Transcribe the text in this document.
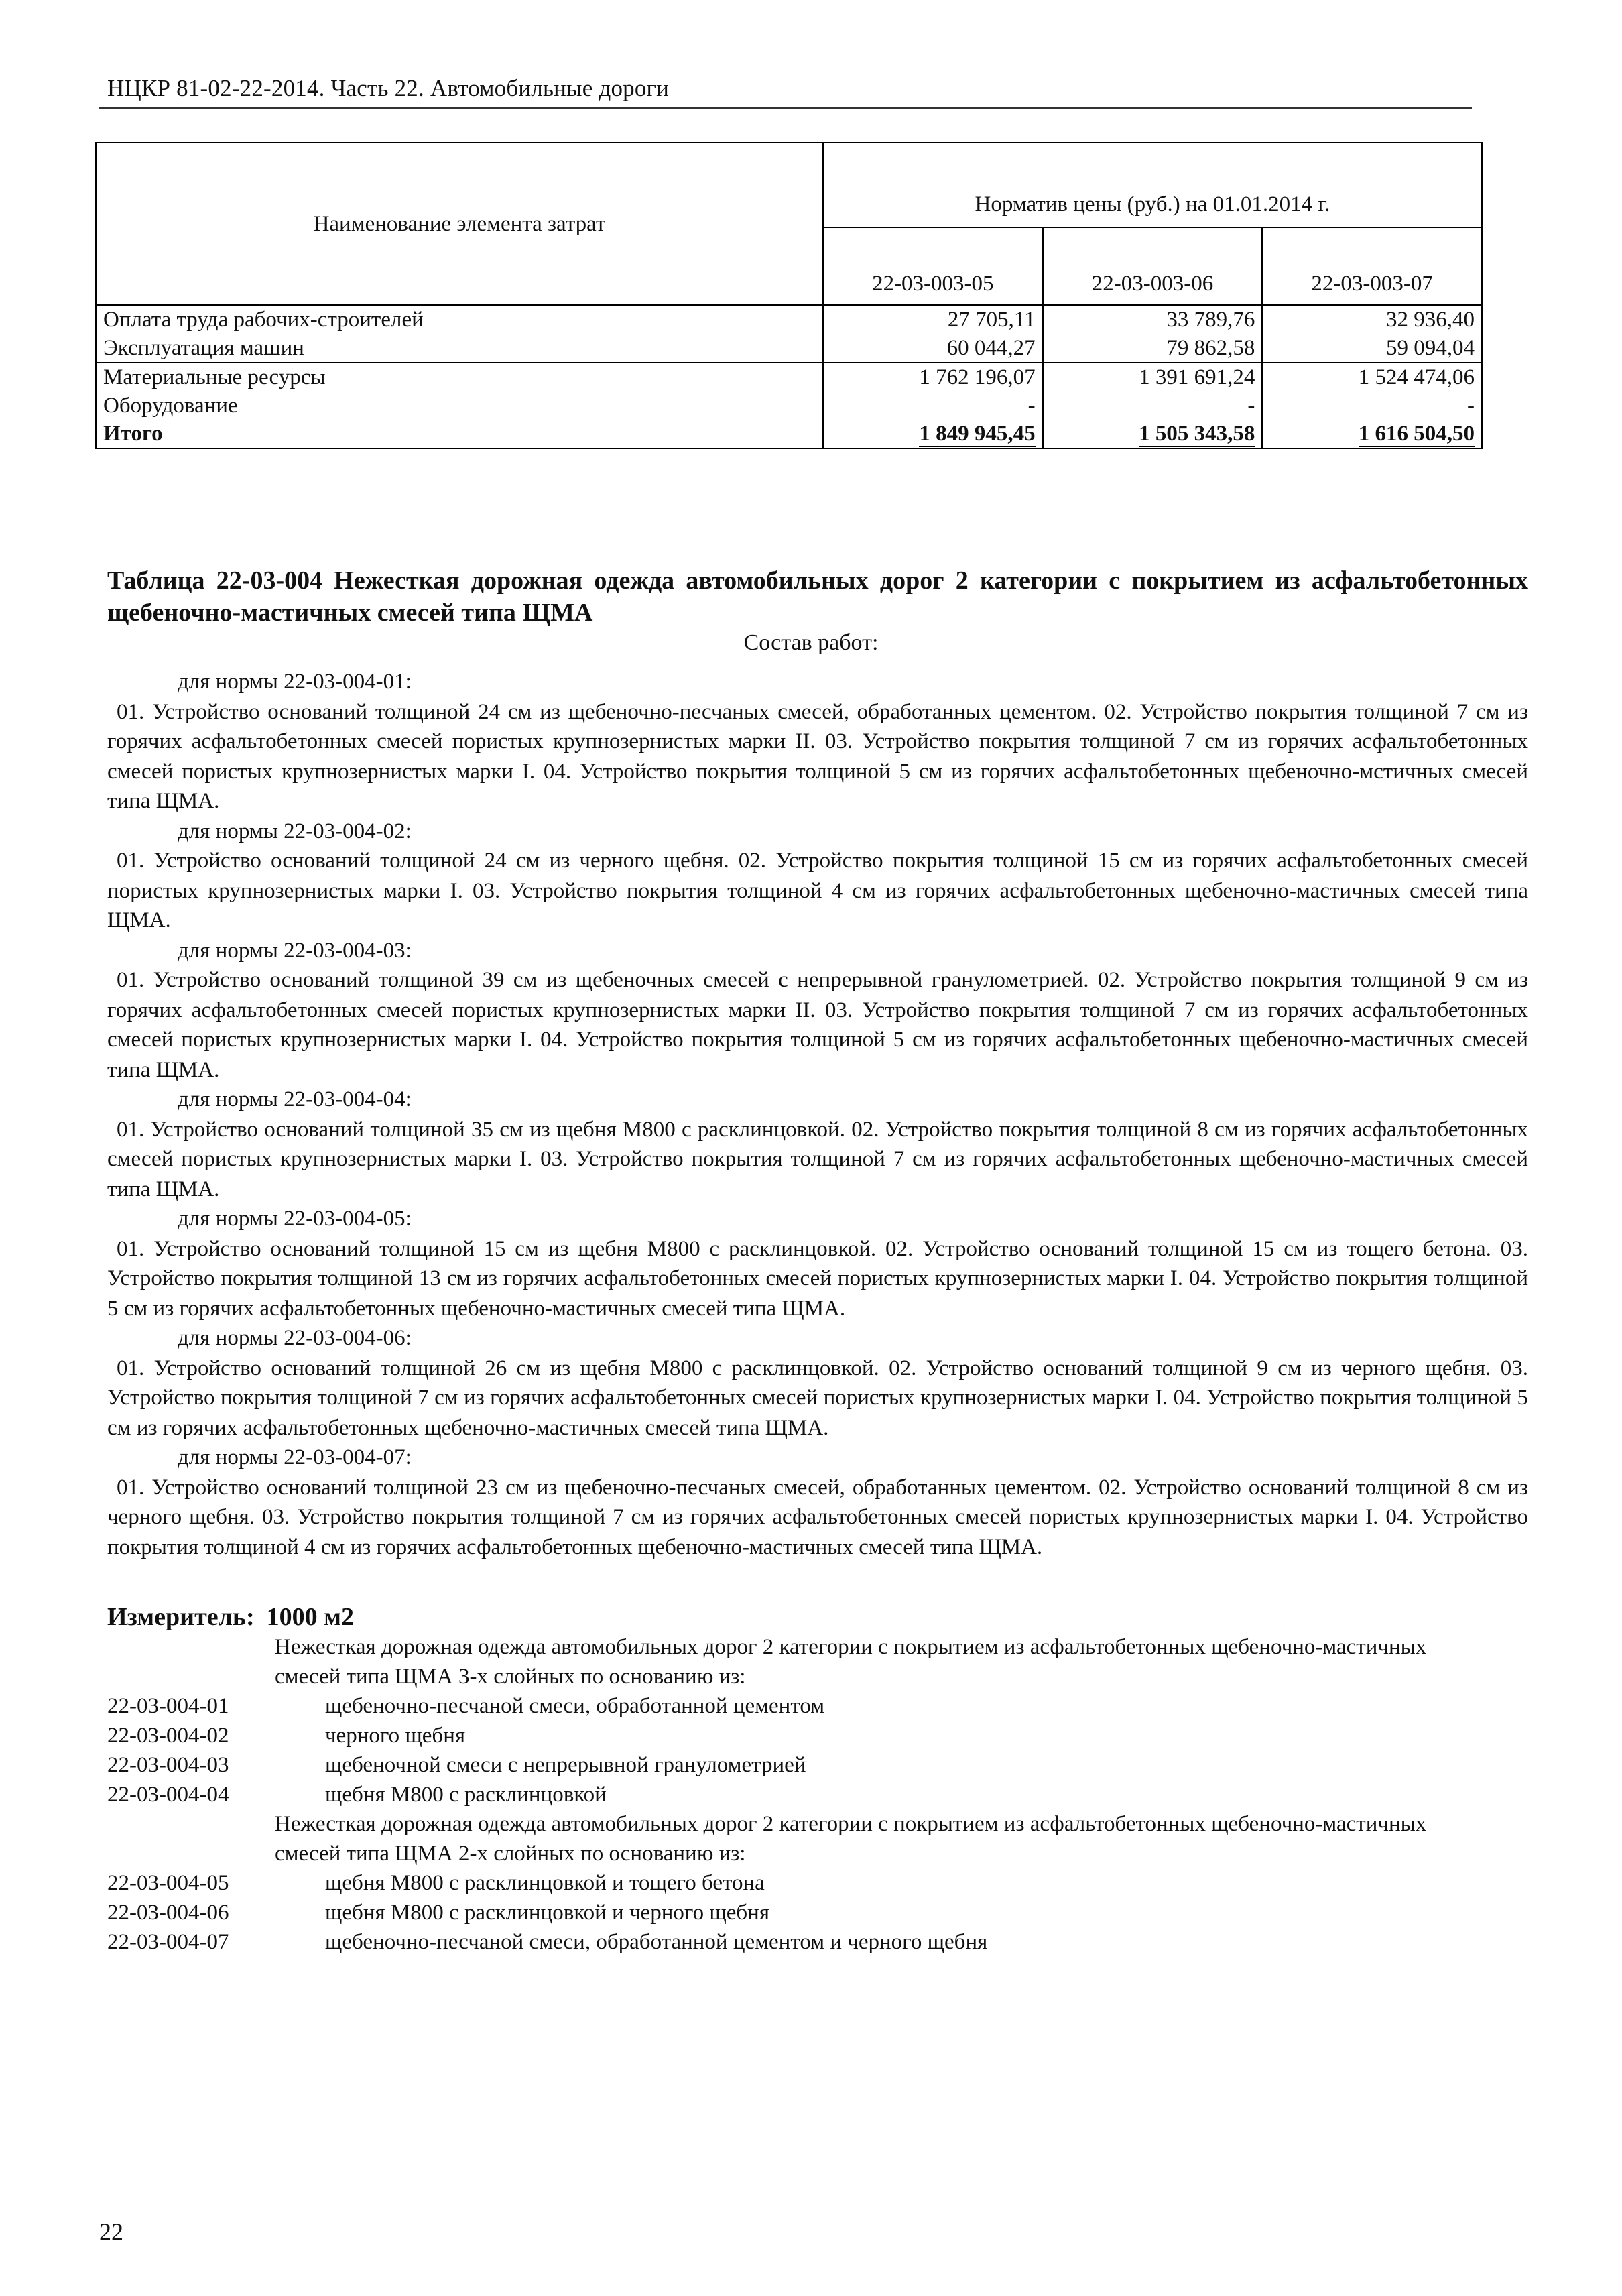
НЦКР 81-02-22-2014. Часть 22. Автомобильные дороги
Наименование элемента затрат	Норматив цены (руб.) на 01.01.2014 г.		
	22-03-003-05	22-03-003-06	22-03-003-07
Оплата труда рабочих-строителей	27 705,11	33 789,76	32 936,40
Эксплуатация машин	60 044,27	79 862,58	59 094,04
Материальные ресурсы	1 762 196,07	1 391 691,24	1 524 474,06
Оборудование	-	-	-
Итого	1 849 945,45	1 505 343,58	1 616 504,50
Таблица 22-03-004 Нежесткая дорожная одежда автомобильных дорог 2 категории с покрытием из асфальтобетонных щебеночно-мастичных смесей типа ЩМА
Состав работ:
для нормы 22-03-004-01:
01. Устройство оснований толщиной 24 см из щебеночно-песчаных смесей, обработанных цементом. 02. Устройство покрытия толщиной 7 см из горячих асфальтобетонных смесей пористых крупнозернистых марки II. 03. Устройство покрытия толщиной 7 см из горячих асфальтобетонных смесей пористых крупнозернистых марки I. 04. Устройство покрытия толщиной 5 см из горячих асфальтобетонных щебеночно-мстичных смесей типа ЩМА.
для нормы 22-03-004-02:
01. Устройство оснований толщиной 24 см из черного щебня. 02. Устройство покрытия толщиной 15 см из горячих асфальтобетонных смесей пористых крупнозернистых марки I. 03. Устройство покрытия толщиной 4 см из горячих асфальтобетонных щебеночно-мастичных смесей типа ЩМА.
для нормы 22-03-004-03:
01. Устройство оснований толщиной 39 см из щебеночных смесей с непрерывной гранулометрией. 02. Устройство покрытия толщиной 9 см из горячих асфальтобетонных смесей пористых крупнозернистых марки II. 03. Устройство покрытия толщиной 7 см из горячих асфальтобетонных смесей пористых крупнозернистых марки I. 04. Устройство покрытия толщиной 5 см из горячих асфальтобетонных щебеночно-мастичных смесей типа ЩМА.
для нормы 22-03-004-04:
01. Устройство оснований толщиной 35 см из щебня М800 с расклинцовкой. 02. Устройство покрытия толщиной 8 см из горячих асфальтобетонных смесей пористых крупнозернистых марки I. 03. Устройство покрытия толщиной 7 см из горячих асфальтобетонных щебеночно-мастичных смесей типа ЩМА.
для нормы 22-03-004-05:
01. Устройство оснований толщиной 15 см из щебня М800 с расклинцовкой. 02. Устройство оснований толщиной 15 см из тощего бетона. 03. Устройство покрытия толщиной 13 см из горячих асфальтобетонных смесей пористых крупнозернистых марки I. 04. Устройство покрытия толщиной 5 см из горячих асфальтобетонных щебеночно-мастичных смесей типа ЩМА.
для нормы 22-03-004-06:
01. Устройство оснований толщиной 26 см из щебня М800 с расклинцовкой. 02. Устройство оснований толщиной 9 см из черного щебня. 03. Устройство покрытия толщиной 7 см из горячих асфальтобетонных смесей пористых крупнозернистых марки I. 04. Устройство покрытия толщиной 5 см из горячих асфальтобетонных щебеночно-мастичных смесей типа ЩМА.
для нормы 22-03-004-07:
01. Устройство оснований толщиной 23 см из щебеночно-песчаных смесей, обработанных цементом. 02. Устройство оснований толщиной 8 см из черного щебня. 03. Устройство покрытия толщиной 7 см из горячих асфальтобетонных смесей пористых крупнозернистых марки I. 04. Устройство покрытия толщиной 4 см из горячих асфальтобетонных щебеночно-мастичных смесей типа ЩМА.
Измеритель: 1000 м2
Нежесткая дорожная одежда автомобильных дорог 2 категории с покрытием из асфальтобетонных щебеночно-мастичных смесей типа ЩМА 3-х слойных по основанию из:
22-03-004-01	щебеночно-песчаной смеси, обработанной цементом
22-03-004-02	черного щебня
22-03-004-03	щебеночной смеси с непрерывной гранулометрией
22-03-004-04	щебня М800 с расклинцовкой
Нежесткая дорожная одежда автомобильных дорог 2 категории с покрытием из асфальтобетонных щебеночно-мастичных смесей типа ЩМА 2-х слойных по основанию из:
22-03-004-05	щебня М800 с расклинцовкой и тощего бетона
22-03-004-06	щебня М800 с расклинцовкой и черного щебня
22-03-004-07	щебеночно-песчаной смеси, обработанной цементом и черного щебня
22
